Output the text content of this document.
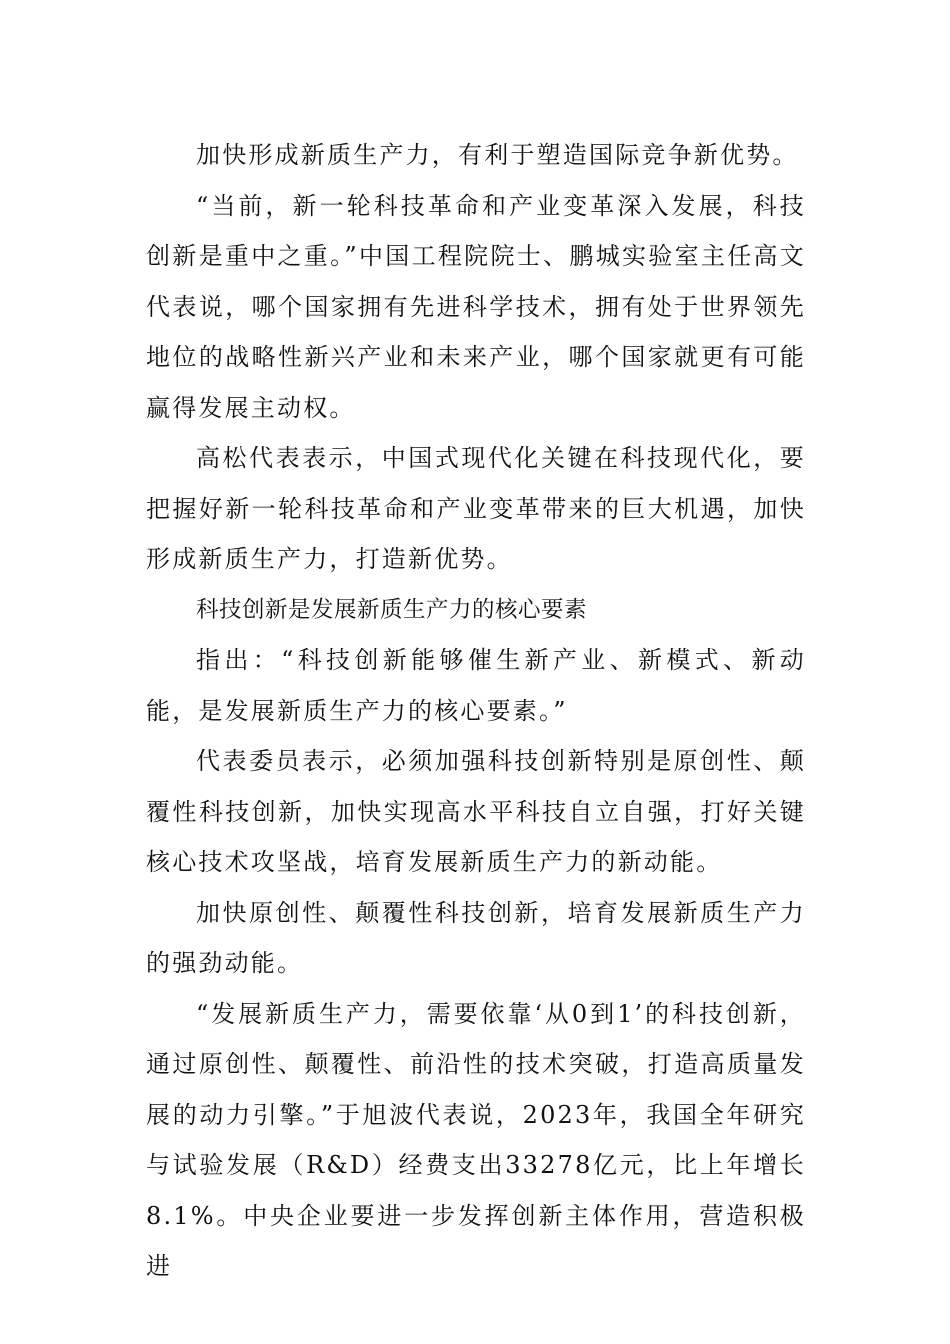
加快形成新质生产力，有利于塑造国际竞争新优势。

“当前，新一轮科技革命和产业变革深入发展，科技创新是重中之重。”中国工程院院士、鹏城实验室主任高文代表说，哪个国家拥有先进科学技术，拥有处于世界领先地位的战略性新兴产业和未来产业，哪个国家就更有可能赢得发展主动权。

高松代表表示，中国式现代化关键在科技现代化，要把握好新一轮科技革命和产业变革带来的巨大机遇，加快形成新质生产力，打造新优势。

科技创新是发展新质生产力的核心要素

指出：“科技创新能够催生新产业、新模式、新动能，是发展新质生产力的核心要素。”

代表委员表示，必须加强科技创新特别是原创性、颠覆性科技创新，加快实现高水平科技自立自强，打好关键核心技术攻坚战，培育发展新质生产力的新动能。

加快原创性、颠覆性科技创新，培育发展新质生产力的强劲动能。

“发展新质生产力，需要依靠‘从0到1’的科技创新，通过原创性、颠覆性、前沿性的技术突破，打造高质量发展的动力引擎。”于旭波代表说，2023年，我国全年研究与试验发展（R&D）经费支出33278亿元，比上年增长8.1%。中央企业要进一步发挥创新主体作用，营造积极进
